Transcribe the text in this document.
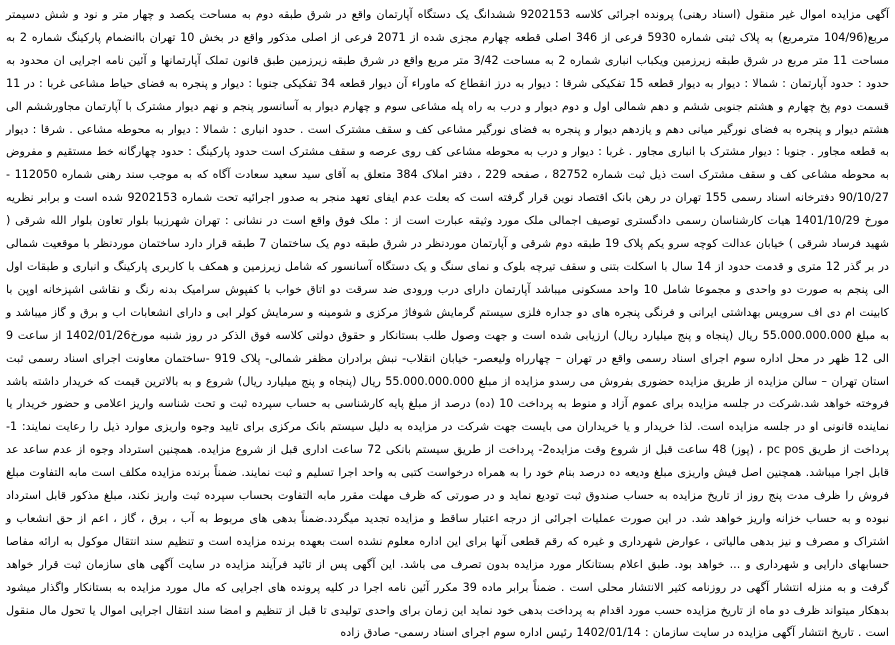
آگهی مزایده اموال غیر منقول (اسناد رهنی) پرونده اجرائی کلاسه 9202153 ششدانگ یک دستگاه آپارتمان واقع در شرق طبقه دوم به مساحت یکصد و چهار متر و نود و شش دسیمتر مربع(104/96 مترمربع) به پلاک ثبتی شماره 5930 فرعی از 346 اصلی قطعه چهارم مجزی شده از 2071 فرعی از اصلی مذکور واقع در بخش 10 تهران باانضمام پارکینگ شماره 2 به مساحت 11 متر مربع در شرق طبقه زیرزمین ویکباب انباری شماره 2 به مساحت 3/42 متر مربع واقع در شرق طبقه زیرزمین طبق قانون تملک آپارتمانها و آئین نامه اجرایی ان محدود به حدود : حدود آپارتمان : شمالا : دیوار به دیوار قطعه 15 تفکیکی شرقا : دیوار به درز انقطاع که ماوراء آن دیوار قطعه 34 تفکیکی جنوبا : دیوار و پنجره به فضای حیاط مشاعی غربا : در 11 قسمت دوم پخ چهارم و هشتم جنوبی ششم و دهم شمالی اول و دوم دیوار و درب به راه پله مشاعی سوم و چهارم دیوار به آسانسور پنجم و نهم دیوار مشترک با آپارتمان مجاورششم الی هشتم دیوار و پنجره به فضای نورگیر میانی دهم و یازدهم دیوار و پنجره به فضای نورگیر مشاعی کف و سقف مشترک است . حدود انباری : شمالا : دیوار به محوطه مشاعی . شرقا : دیوار به قطعه مجاور . جنوبا : دیوار مشترک با انباری مجاور . غربا : دیوار و درب به محوطه مشاعی کف روی عرصه و سقف مشترک است حدود پارکینگ : حدود چهارگانه خط مستقیم و مفروض به محوطه مشاعی کف و سقف مشترک است ذیل ثبت شماره 82752 ، صفحه 229 ، دفتر املاک 384 متعلق به آقای سید سعید سعادت آگاه که به موجب سند رهنی شماره 112050 - 90/10/27 دفترخانه اسناد رسمی 155 تهران در رهن بانک اقتصاد نوین قرار گرفته است که بعلت عدم ایفای تعهد منجر به صدور اجرائیه تحت شماره 9202153 شده است و برابر نظریه مورخ 1401/10/29 هیات کارشناسان رسمی دادگستری توصیف اجمالی ملک مورد وثیقه عبارت است از : ملک فوق واقع است در نشانی : تهران شهرزیبا بلوار تعاون بلوار الله شرقی ( شهید فرساد شرقی ) خیابان عدالت کوچه سرو یکم پلاک 19 طبقه دوم شرقی و آپارتمان موردنظر در شرق طبقه دوم یک ساختمان 7 طبقه قرار دارد ساختمان موردنظر با موقعیت شمالی در بر گذر 12 متری و قدمت حدود از 14 سال با اسکلت بتنی و سقف تیرچه بلوک و نمای سنگ و یک دستگاه آسانسور که شامل زیرزمین و همکف با کاربری پارکینگ و انباری و طبقات اول الی پنجم به صورت دو واحدی و مجموعا شامل 10 واحد مسکونی میباشد آپارتمان دارای درب ورودی ضد سرقت دو اتاق خواب با کفپوش سرامیک بدنه رنگ و نقاشی اشپزخانه اوپن با کابینت ام دی اف سرویس بهداشتی ایرانی و فرنگی پنجره های دو جداره فلزی سیستم گرمایش شوفاژ مرکزی و شومینه و سرمایش کولر ابی و دارای انشعابات اب و برق و گاز میباشد و به مبلغ 55.000.000.000 ریال (پنجاه و پنج میلیارد ریال) ارزیابی شده است و جهت وصول طلب بستانکار و حقوق دولتی کلاسه فوق الذکر در روز شنبه مورخ1402/01/26 از ساعت 9 الی 12 ظهر در محل اداره سوم اجرای اسناد رسمی واقع در تهران – چهارراه ولیعصر- خیابان انقلاب- نبش برادران مظفر شمالی- پلاک 919 -ساختمان معاونت اجرای اسناد رسمی ثبت استان تهران – سالن مزایده از طریق مزایده حضوری بفروش می رسدو مزایده از مبلغ 55.000.000.000 ریال (پنجاه و پنج میلیارد ریال) شروع و به بالاترین قیمت که خریدار داشته باشد فروخته خواهد شد.شرکت در جلسه مزایده برای عموم آزاد و منوط به پرداخت 10 (ده) درصد از مبلغ پایه کارشناسی به حساب سپرده ثبت و تحت شناسه واریز اعلامی و حضور خریدار یا نماینده قانونی او در جلسه مزایده است. لذا خریدار و یا خریداران می بایست جهت شرکت در مزایده به دلیل سیستم بانک مرکزی برای تایید وجوه واریزی موارد ذیل را رعایت نمایند: 1- پرداخت از طریق pc pos ، (پوز) 48 ساعت قبل از شروع وقت مزایده2- پرداخت از طریق سیستم بانکی 72 ساعت اداری قبل از شروع مزایده. همچنین استرداد وجوه از عدم ساعد عد قابل اجرا میباشد. همچنین اصل فیش واریزی مبلغ ودیعه ده درصد بنام خود را به همراه درخواست کتبی به واحد اجرا تسلیم و ثبت نمایند. ضمناً برنده مزایده مکلف است مابه التفاوت مبلغ فروش را ظرف مدت پنج روز از تاریخ مزایده به حساب صندوق ثبت تودیع نماید و در صورتی که ظرف مهلت مقرر مابه التفاوت بحساب سپرده ثبت واریز نکند، مبلغ مذکور قابل استرداد نبوده و به حساب خزانه واریز خواهد شد. در این صورت عملیات اجرائی از درجه اعتبار ساقط و مزایده تجدید میگردد.ضمناً بدهی های مربوط به آب ، برق ، گاز ، اعم از حق انشعاب و اشتراک و مصرف و نیز بدهی مالیاتی ، عوارض شهرداری و غیره که رقم قطعی آنها برای این اداره معلوم نشده است بعهده برنده مزایده است و تنظیم سند انتقال موکول به ارائه مفاصا حسابهای دارایی و شهرداری و ... خواهد بود. طبق اعلام بستانکار مورد مزایده بدون تصرف می باشد. این آگهی پس از تائید فرآیند مزایده در سایت آگهی های سازمان ثبت قرار خواهد گرفت و به منزله انتشار آگهی در روزنامه کثیر الانتشار محلی است . ضمناً برابر ماده 39 مکرر آئین نامه اجرا در کلیه پرونده های اجرایی که مال مورد مزایده به بستانکار واگذار میشود بدهکار میتواند ظرف دو ماه از تاریخ مزایده حسب مورد اقدام به پرداخت بدهی خود نماید این زمان برای واحدی تولیدی تا قبل از تنظیم و امضا سند انتقال اجرایی اموال یا تحول مال منقول است . تاریخ انتشار آگهی مزایده در سایت سازمان : 1402/01/14 رئیس اداره سوم اجرای اسناد رسمی- صادق زاده
